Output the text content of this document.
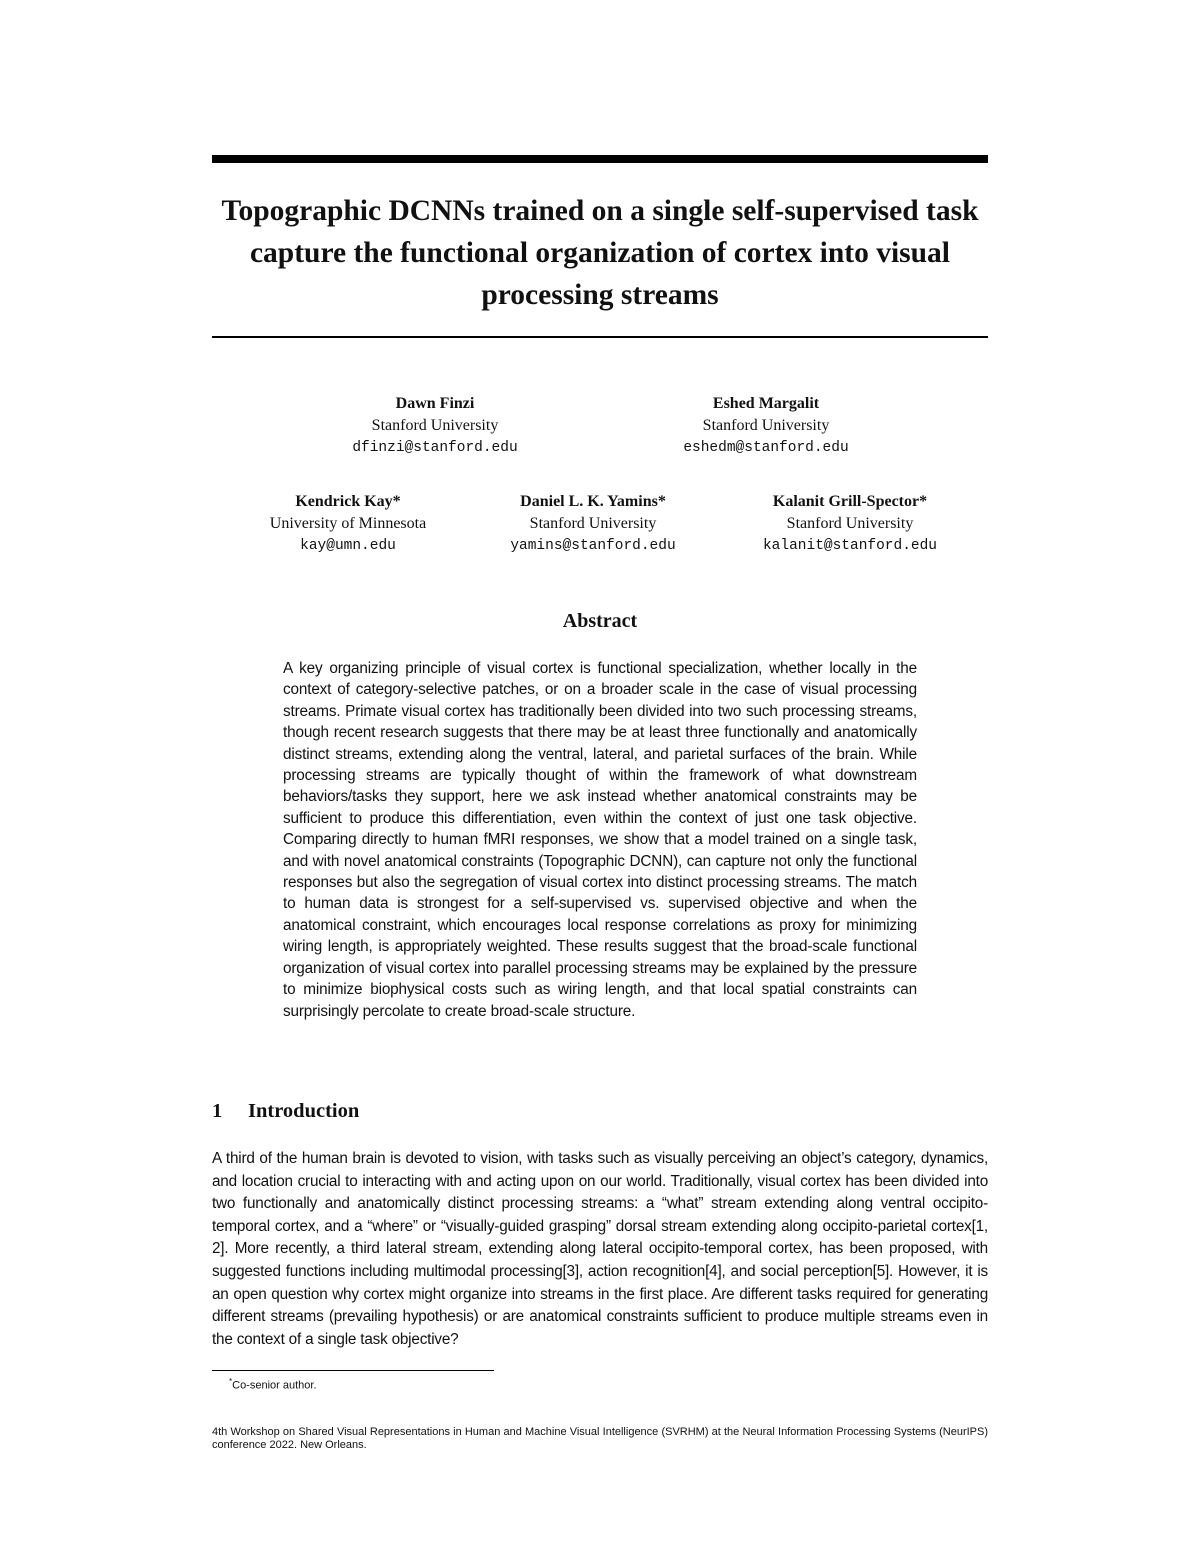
Topographic DCNNs trained on a single self-supervised task capture the functional organization of cortex into visual processing streams
Dawn Finzi
Stanford University
dfinzi@stanford.edu
Eshed Margalit
Stanford University
eshedm@stanford.edu
Kendrick Kay*
University of Minnesota
kay@umn.edu
Daniel L. K. Yamins*
Stanford University
yamins@stanford.edu
Kalanit Grill-Spector*
Stanford University
kalanit@stanford.edu
Abstract

A key organizing principle of visual cortex is functional specialization, whether locally in the context of category-selective patches, or on a broader scale in the case of visual processing streams. Primate visual cortex has traditionally been divided into two such processing streams, though recent research suggests that there may be at least three functionally and anatomically distinct streams, extending along the ventral, lateral, and parietal surfaces of the brain. While processing streams are typically thought of within the framework of what downstream behaviors/tasks they support, here we ask instead whether anatomical constraints may be sufficient to produce this differentiation, even within the context of just one task objective. Comparing directly to human fMRI responses, we show that a model trained on a single task, and with novel anatomical constraints (Topographic DCNN), can capture not only the functional responses but also the segregation of visual cortex into distinct processing streams. The match to human data is strongest for a self-supervised vs. supervised objective and when the anatomical constraint, which encourages local response correlations as proxy for minimizing wiring length, is appropriately weighted. These results suggest that the broad-scale functional organization of visual cortex into parallel processing streams may be explained by the pressure to minimize biophysical costs such as wiring length, and that local spatial constraints can surprisingly percolate to create broad-scale structure.

1 Introduction

A third of the human brain is devoted to vision, with tasks such as visually perceiving an object’s category, dynamics, and location crucial to interacting with and acting upon on our world. Traditionally, visual cortex has been divided into two functionally and anatomically distinct processing streams: a “what” stream extending along ventral occipito-temporal cortex, and a “where” or “visually-guided grasping” dorsal stream extending along occipito-parietal cortex[1, 2]. More recently, a third lateral stream, extending along lateral occipito-temporal cortex, has been proposed, with suggested functions including multimodal processing[3], action recognition[4], and social perception[5]. However, it is an open question why cortex might organize into streams in the first place. Are different tasks required for generating different streams (prevailing hypothesis) or are anatomical constraints sufficient to produce multiple streams even in the context of a single task objective?

*Co-senior author.

4th Workshop on Shared Visual Representations in Human and Machine Visual Intelligence (SVRHM) at the Neural Information Processing Systems (NeurIPS) conference 2022. New Orleans.
